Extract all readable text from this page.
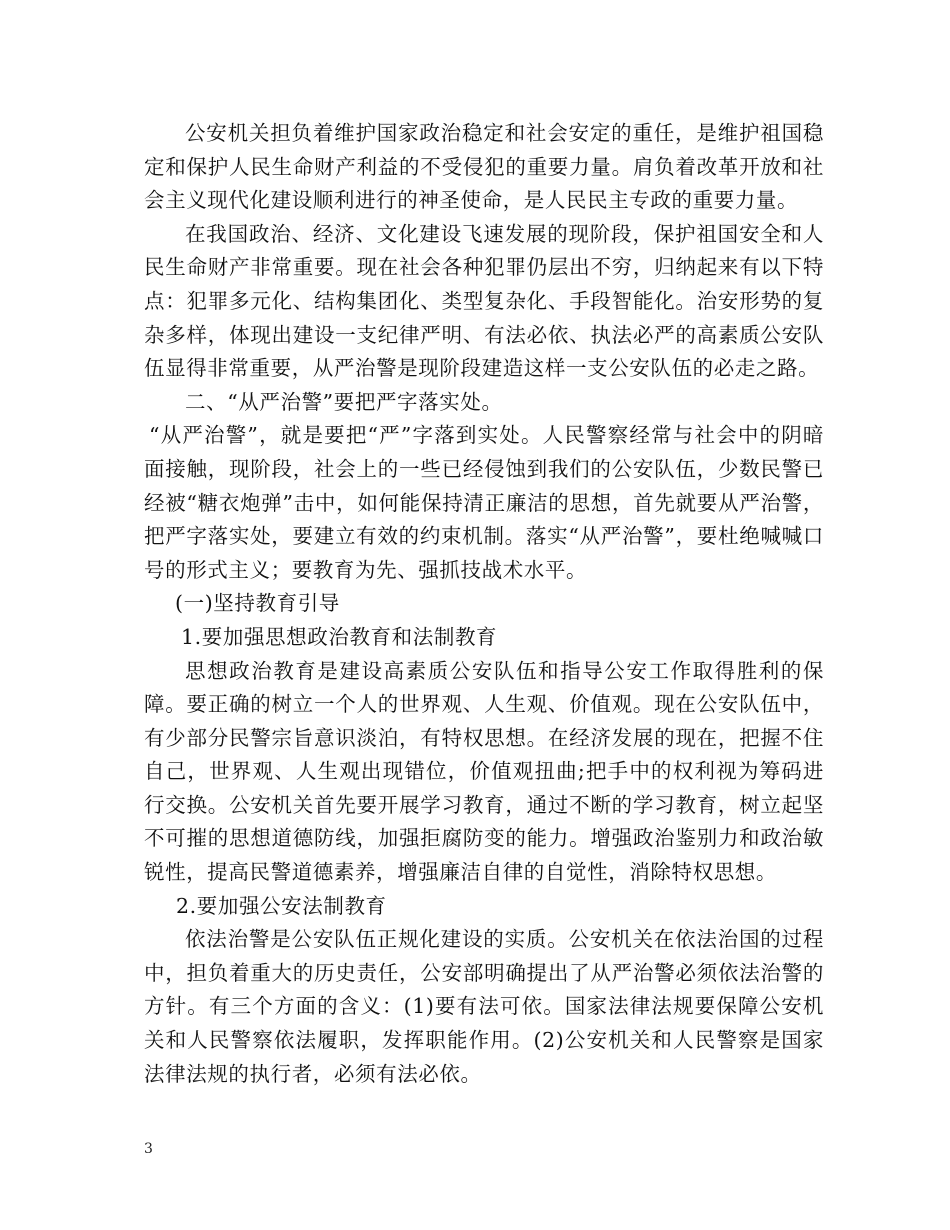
公安机关担负着维护国家政治稳定和社会安定的重任，是维护祖国稳定和保护人民生命财产利益的不受侵犯的重要力量。肩负着改革开放和社会主义现代化建设顺利进行的神圣使命，是人民民主专政的重要力量。

在我国政治、经济、文化建设飞速发展的现阶段，保护祖国安全和人民生命财产非常重要。现在社会各种犯罪仍层出不穷，归纳起来有以下特点：犯罪多元化、结构集团化、类型复杂化、手段智能化。治安形势的复杂多样，体现出建设一支纪律严明、有法必依、执法必严的高素质公安队伍显得非常重要，从严治警是现阶段建造这样一支公安队伍的必走之路。

二、“从严治警”要把严字落实处。

“从严治警”，就是要把“严”字落到实处。人民警察经常与社会中的阴暗面接触，现阶段，社会上的一些已经侵蚀到我们的公安队伍，少数民警已经被“糖衣炮弹”击中，如何能保持清正廉洁的思想，首先就要从严治警，把严字落实处，要建立有效的约束机制。落实“从严治警”，要杜绝喊喊口号的形式主义；要教育为先、强抓技战术水平。

(一)坚持教育引导

1.要加强思想政治教育和法制教育

思想政治教育是建设高素质公安队伍和指导公安工作取得胜利的保障。要正确的树立一个人的世界观、人生观、价值观。现在公安队伍中，有少部分民警宗旨意识淡泊，有特权思想。在经济发展的现在，把握不住自己，世界观、人生观出现错位，价值观扭曲;把手中的权利视为筹码进行交换。公安机关首先要开展学习教育，通过不断的学习教育，树立起坚不可摧的思想道德防线，加强拒腐防变的能力。增强政治鉴别力和政治敏锐性，提高民警道德素养，增强廉洁自律的自觉性，消除特权思想。

2.要加强公安法制教育

依法治警是公安队伍正规化建设的实质。公安机关在依法治国的过程中，担负着重大的历史责任，公安部明确提出了从严治警必须依法治警的方针。有三个方面的含义：(1)要有法可依。国家法律法规要保障公安机关和人民警察依法履职，发挥职能作用。(2)公安机关和人民警察是国家法律法规的执行者，必须有法必依。

3
